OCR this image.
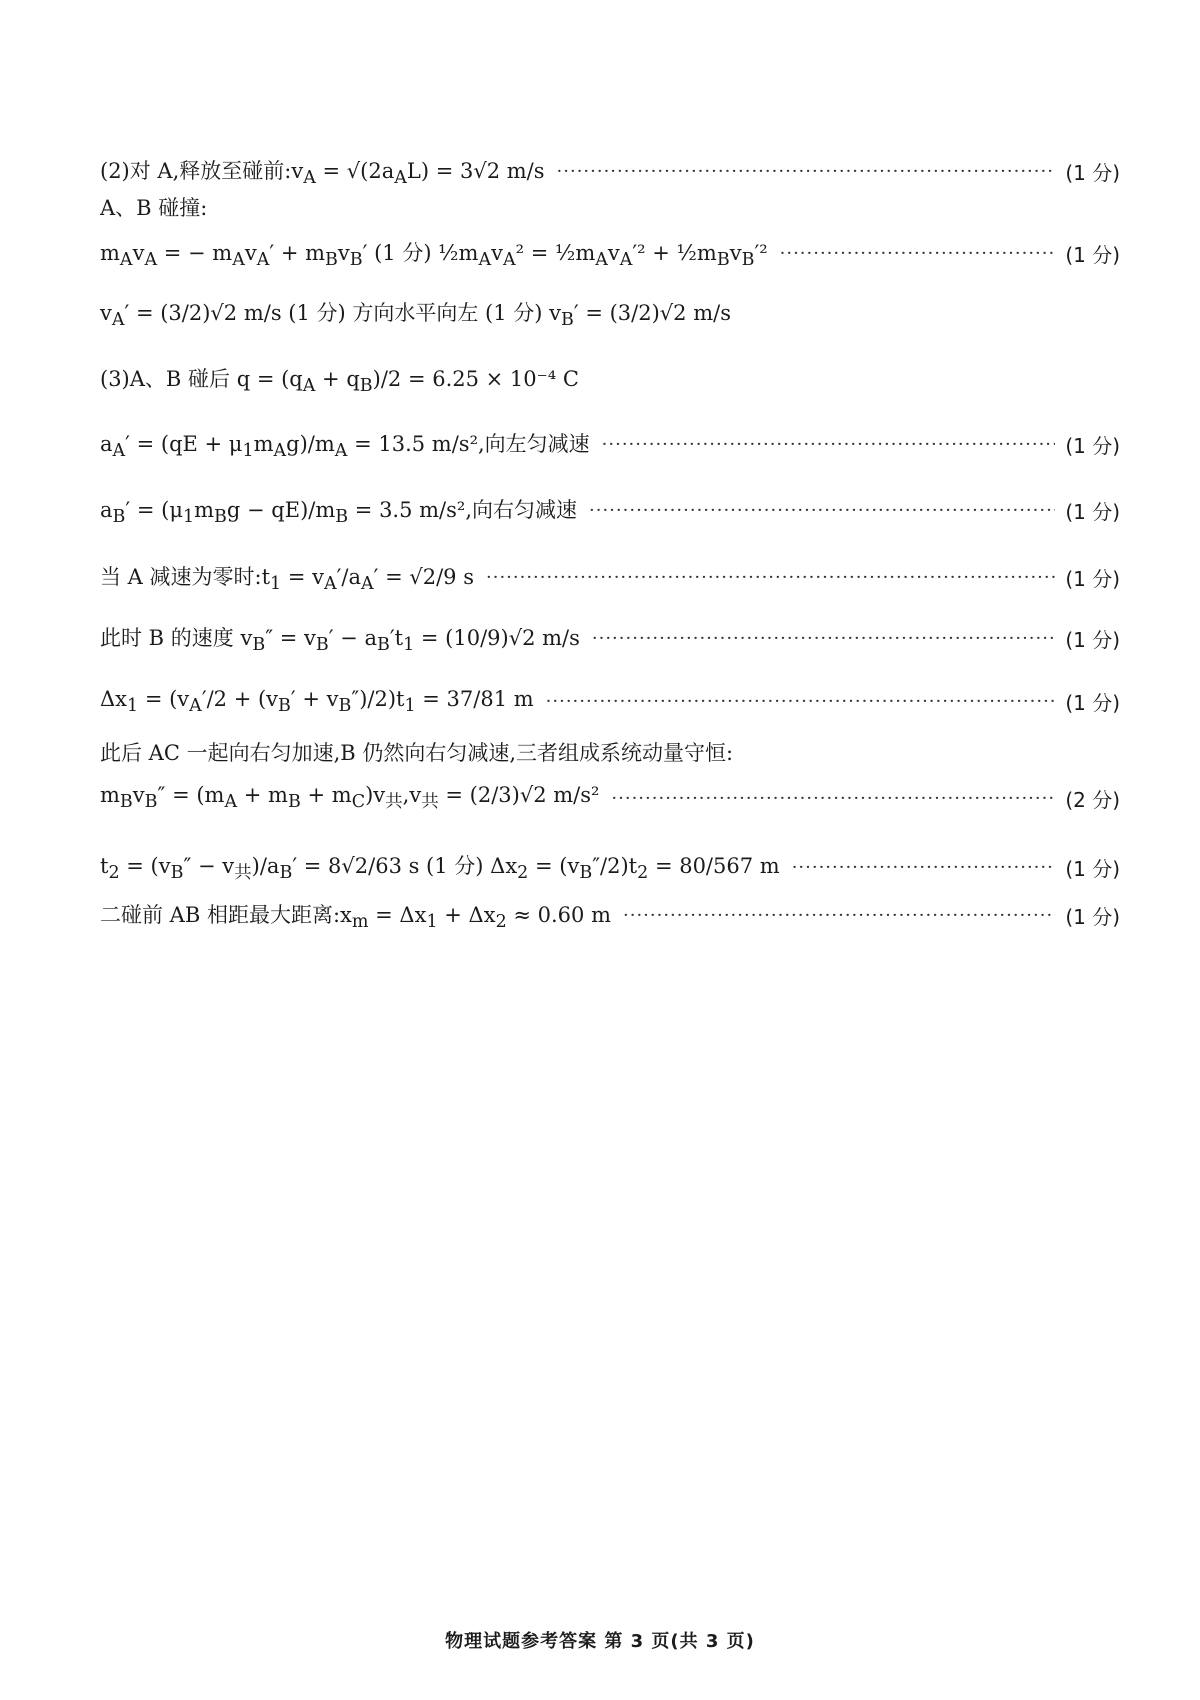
(2)对 A,释放至碰前$:v_A = √(2a_AL) = 3√2$ m/s ·····	(1 分)
A、B 碰撞:
$m_Av_A$ = − $m_Av_A' + m_Bv_B'$ (1 分) $\frac{1}{2}m_Av_A^2$ = $\frac{1}{2}m_Av_A'^2$ + $\frac{1}{2}m_Bv_B'^2$ ·····	(1 分)
$v_A' = (3/2)√2$ m/s (1 分) 方向水平向左 (1 分) $v_B' = (3/2)√2$ m/s
(3)A、B 碰后 $q = (q_A + q_B)/2 = 6.25 \times 10^{-4}$ C
$a_A' = (qE + \mu_1m_Ag)/m_A = 13.5$ m/s²,向左匀减速 ·····	(1 分)
$a_B' = (\mu_1m_Bg - qE)/m_B = 3.5$ m/s²,向右匀减速 ·····	(1 分)
当 A 减速为零时$:t_1 = v_A'/a_A' = √2/9$ s ·····	(1 分)
此时 B 的速度 $v_B'' = v_B' - a_B't_1 = (10/9)√2$ m/s ·····	(1 分)
$\Delta x_1 = (v_A'/2 + (v_B' + v_B'')/2)t_1 = 37/81$ m ·····	(1 分)
此后 AC 一起向右匀加速,B 仍然向右匀减速,三者组成系统动量守恒:
$m_Bv_B'' = (m_A + m_B + m_C)v_共,v_共 = (2/3)√2$ m/s² ·····	(2 分)
$t_2 = (v_B'' - v_共)/a_B' = 8√2/63$ s (1 分) $\Delta x_2 = (v_B''/2)t_2 = 80/567$ m ·····	(1 分)
二碰前 AB 相距最大距离$:x_m = \Delta x_1 + \Delta x_2 \approx 0.60$ m ·····	(1 分)
物理试题参考答案 第 3 页(共 3 页)
